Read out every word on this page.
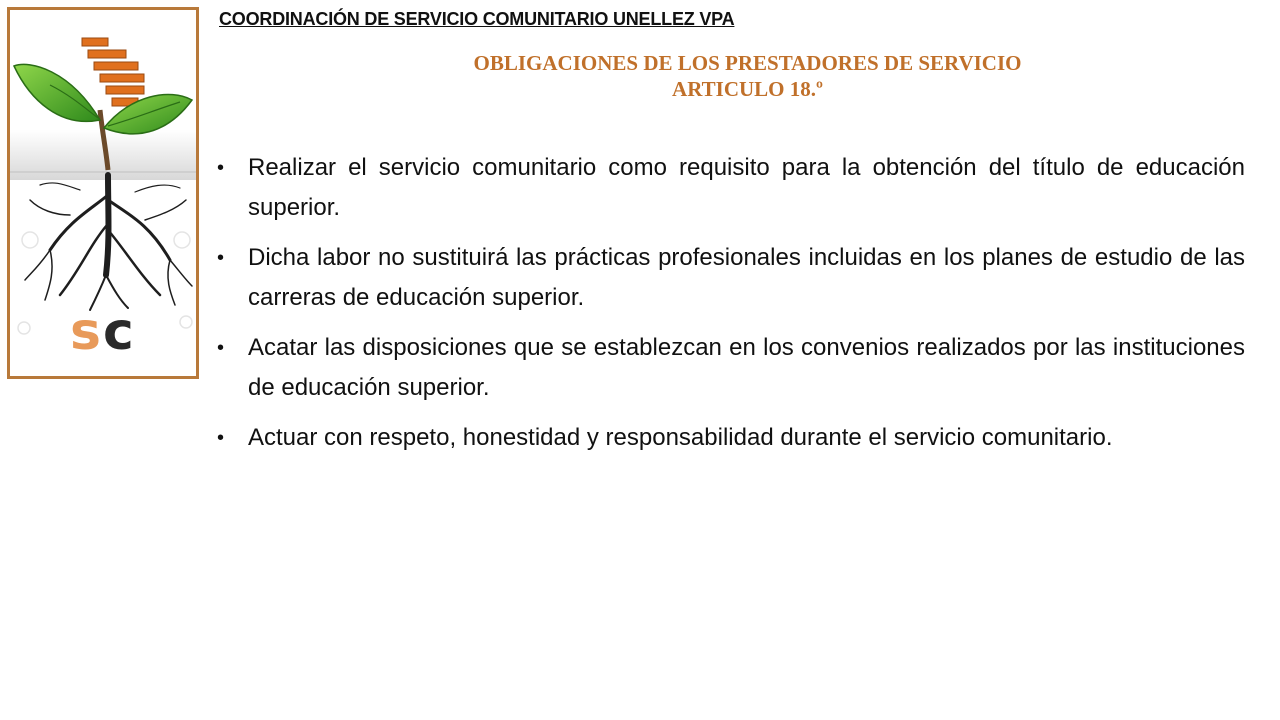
sc
COORDINACIÓN DE SERVICIO COMUNITARIO UNELLEZ VPA
OBLIGACIONES DE LOS PRESTADORES DE SERVICIO
ARTICULO 18.º
• Realizar el servicio comunitario como requisito para la obtención del título de educación superior.
• Dicha labor no sustituirá las prácticas profesionales incluidas en los planes de estudio de las carreras de educación superior.
• Acatar las disposiciones que se establezcan en los convenios realizados por las instituciones de educación superior.
• Actuar con respeto, honestidad y responsabilidad durante el servicio comunitario.
